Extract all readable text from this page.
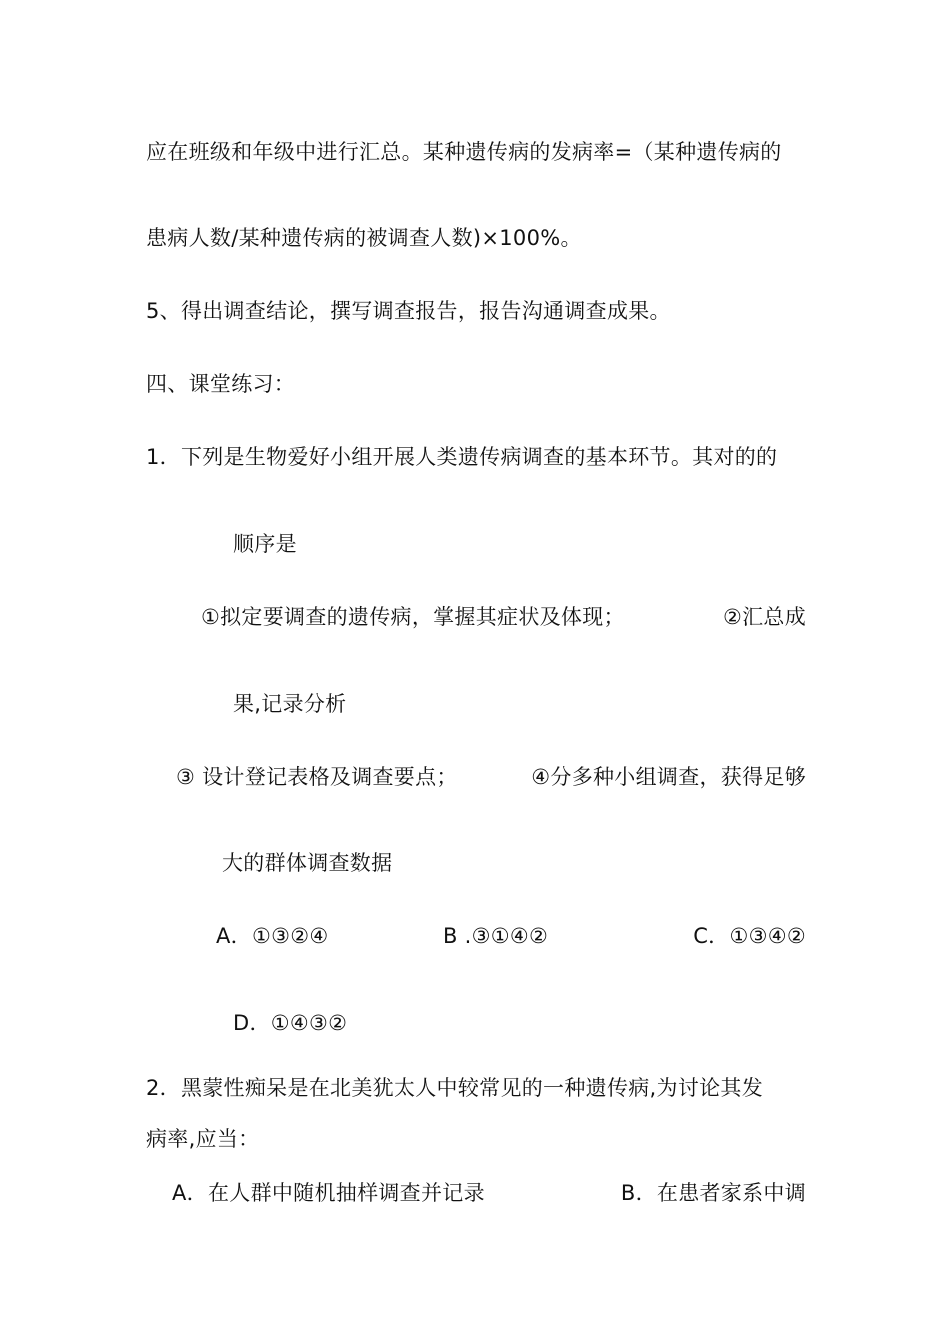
应在班级和年级中进行汇总。某种遗传病的发病率=（某种遗传病的
患病人数/某种遗传病的被调查人数)×100%。
5、得出调查结论，撰写调查报告，报告沟通调查成果。
四、课堂练习：
1．下列是生物爱好小组开展人类遗传病调查的基本环节。其对的的
顺序是
①拟定要调查的遗传病，掌握其症状及体现；	②汇总成
果,记录分析
③ 设计登记表格及调查要点；	④分多种小组调查，获得足够
大的群体调查数据
A．①③②④	B .③①④②	C．①③④②
D．①④③②
2．黑蒙性痴呆是在北美犹太人中较常见的一种遗传病,为讨论其发
病率,应当：
A．在人群中随机抽样调查并记录	B．在患者家系中调
